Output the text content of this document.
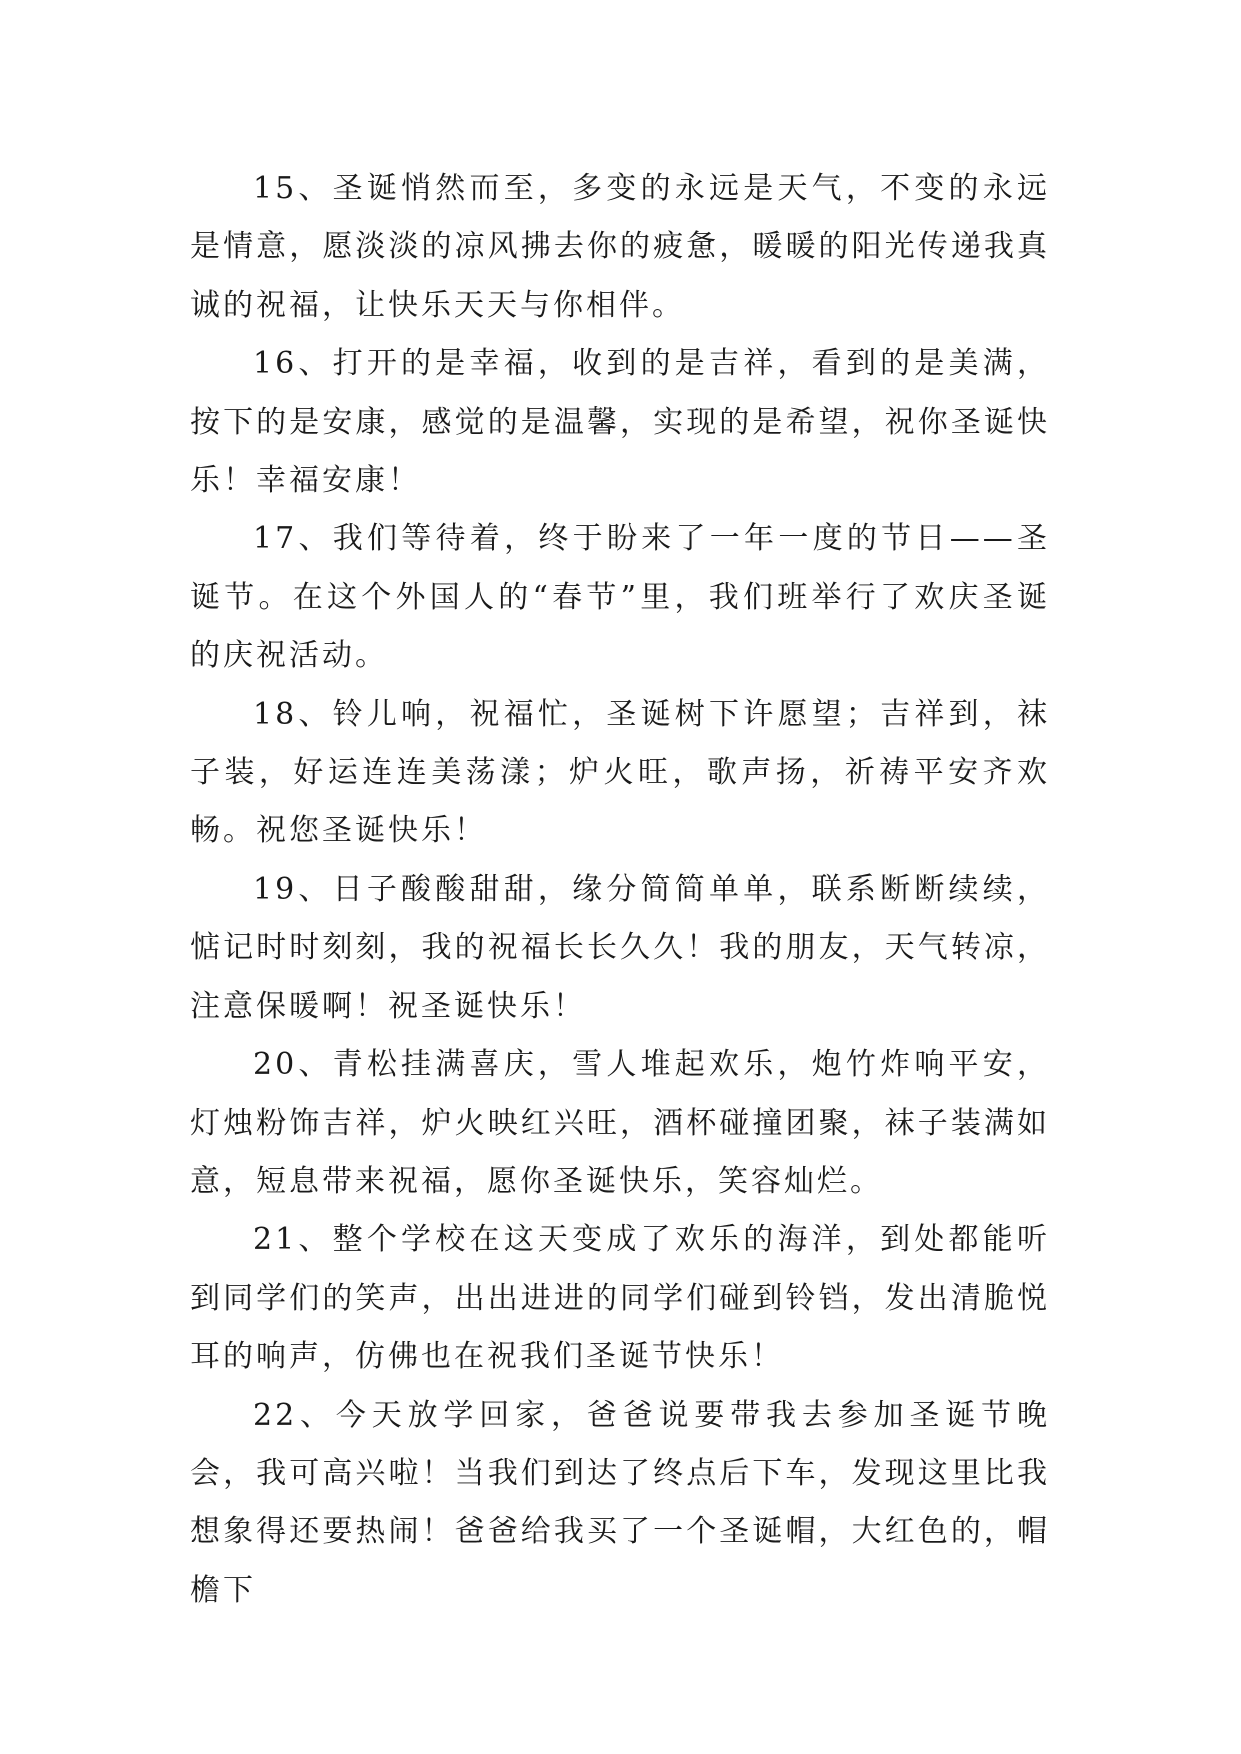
15、圣诞悄然而至，多变的永远是天气，不变的永远是情意，愿淡淡的凉风拂去你的疲惫，暖暖的阳光传递我真诚的祝福，让快乐天天与你相伴。

16、打开的是幸福，收到的是吉祥，看到的是美满，按下的是安康，感觉的是温馨，实现的是希望，祝你圣诞快乐！幸福安康！

17、我们等待着，终于盼来了一年一度的节日——圣诞节。在这个外国人的“春节”里，我们班举行了欢庆圣诞的庆祝活动。

18、铃儿响，祝福忙，圣诞树下许愿望；吉祥到，袜子装，好运连连美荡漾；炉火旺，歌声扬，祈祷平安齐欢畅。祝您圣诞快乐！

19、日子酸酸甜甜，缘分简简单单，联系断断续续，惦记时时刻刻，我的祝福长长久久！我的朋友，天气转凉，注意保暖啊！祝圣诞快乐！

20、青松挂满喜庆，雪人堆起欢乐，炮竹炸响平安，灯烛粉饰吉祥，炉火映红兴旺，酒杯碰撞团聚，袜子装满如意，短息带来祝福，愿你圣诞快乐，笑容灿烂。

21、整个学校在这天变成了欢乐的海洋，到处都能听到同学们的笑声，出出进进的同学们碰到铃铛，发出清脆悦耳的响声，仿佛也在祝我们圣诞节快乐！

22、今天放学回家，爸爸说要带我去参加圣诞节晚会，我可高兴啦！当我们到达了终点后下车，发现这里比我想象得还要热闹！爸爸给我买了一个圣诞帽，大红色的，帽檐下
